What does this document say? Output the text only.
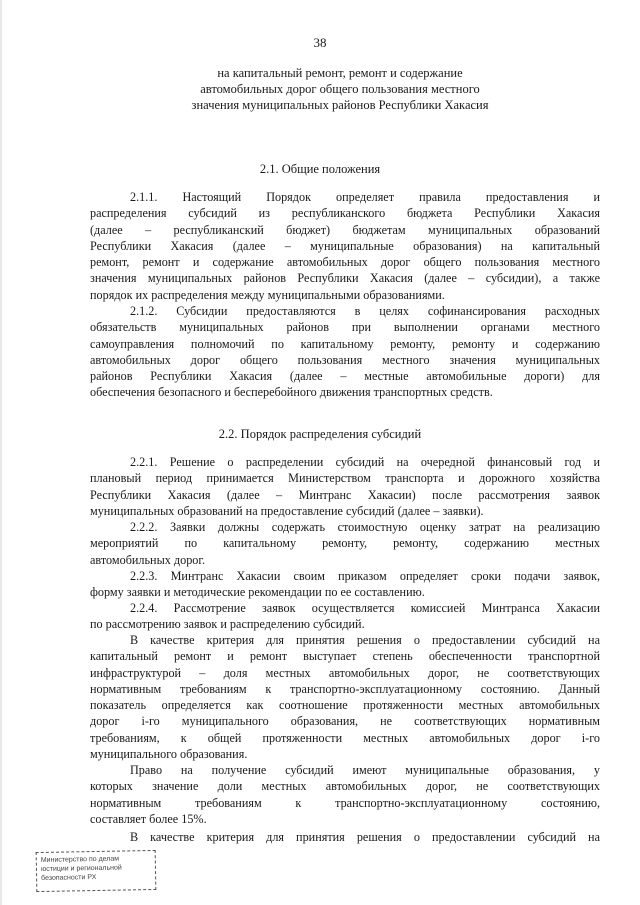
38
на капитальный ремонт, ремонт и содержание
автомобильных дорог общего пользования местного
значения муниципальных районов Республики Хакасия
2.1. Общие положения

2.1.1. Настоящий Порядок определяет правила предоставления и
распределения субсидий из республиканского бюджета Республики Хакасия
(далее – республиканский бюджет) бюджетам муниципальных образований
Республики Хакасия (далее – муниципальные образования) на капитальный
ремонт, ремонт и содержание автомобильных дорог общего пользования местного
значения муниципальных районов Республики Хакасия (далее – субсидии), а также
порядок их распределения между муниципальными образованиями.

2.1.2. Субсидии предоставляются в целях софинансирования расходных
обязательств муниципальных районов при выполнении органами местного
самоуправления полномочий по капитальному ремонту, ремонту и содержанию
автомобильных дорог общего пользования местного значения муниципальных
районов Республики Хакасия (далее – местные автомобильные дороги) для
обеспечения безопасного и бесперебойного движения транспортных средств.

2.2. Порядок распределения субсидий

2.2.1. Решение о распределении субсидий на очередной финансовый год и
плановый период принимается Министерством транспорта и дорожного хозяйства
Республики Хакасия (далее – Минтранс Хакасии) после рассмотрения заявок
муниципальных образований на предоставление субсидий (далее – заявки).

2.2.2. Заявки должны содержать стоимостную оценку затрат на реализацию
мероприятий по капитальному ремонту, ремонту, содержанию местных
автомобильных дорог.

2.2.3. Минтранс Хакасии своим приказом определяет сроки подачи заявок,
форму заявки и методические рекомендации по ее составлению.

2.2.4. Рассмотрение заявок осуществляется комиссией Минтранса Хакасии
по рассмотрению заявок и распределению субсидий.

В качестве критерия для принятия решения о предоставлении субсидий на
капитальный ремонт и ремонт выступает степень обеспеченности транспортной
инфраструктурой – доля местных автомобильных дорог, не соответствующих
нормативным требованиям к транспортно-эксплуатационному состоянию. Данный
показатель определяется как соотношение протяженности местных автомобильных
дорог i-го муниципального образования, не соответствующих нормативным
требованиям, к общей протяженности местных автомобильных дорог i-го
муниципального образования.

Право на получение субсидий имеют муниципальные образования, у
которых значение доли местных автомобильных дорог, не соответствующих
нормативным требованиям к транспортно-эксплуатационному состоянию,
составляет более 15%.

В качестве критерия для принятия решения о предоставлении субсидий на

Министерство по делам
юстиции и региональной
безопасности РХ
